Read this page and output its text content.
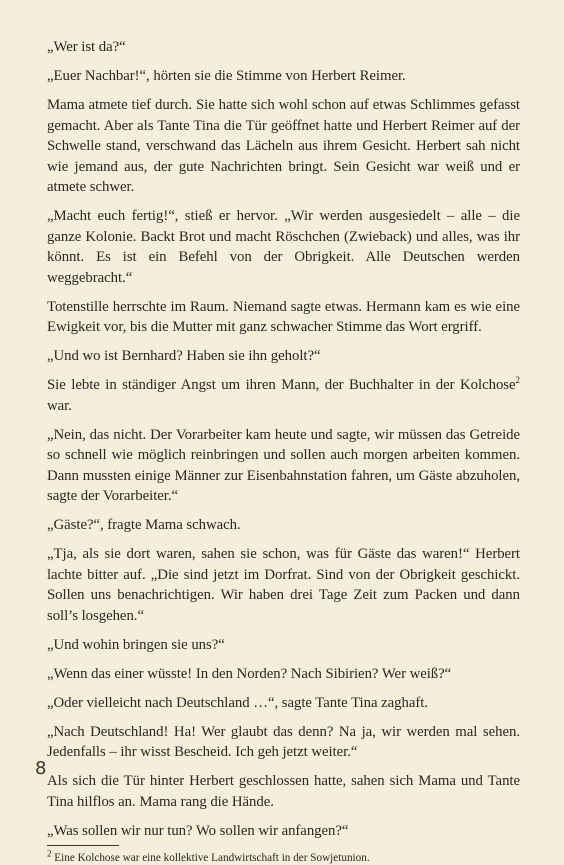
„Wer ist da?“

„Euer Nachbar!“, hörten sie die Stimme von Herbert Reimer.

Mama atmete tief durch. Sie hatte sich wohl schon auf etwas Schlimmes gefasst gemacht. Aber als Tante Tina die Tür geöffnet hatte und Herbert Reimer auf der Schwelle stand, verschwand das Lächeln aus ihrem Gesicht. Herbert sah nicht wie jemand aus, der gute Nachrichten bringt. Sein Gesicht war weiß und er atmete schwer.

„Macht euch fertig!“, stieß er hervor. „Wir werden ausgesiedelt – alle – die ganze Kolonie. Backt Brot und macht Röschchen (Zwieback) und alles, was ihr könnt. Es ist ein Befehl von der Obrigkeit. Alle Deutschen werden weggebracht.“

Totenstille herrschte im Raum. Niemand sagte etwas. Hermann kam es wie eine Ewigkeit vor, bis die Mutter mit ganz schwacher Stimme das Wort ergriff.

„Und wo ist Bernhard? Haben sie ihn geholt?“

Sie lebte in ständiger Angst um ihren Mann, der Buchhalter in der Kolchose$^2$ war.

„Nein, das nicht. Der Vorarbeiter kam heute und sagte, wir müssen das Getreide so schnell wie möglich reinbringen und sollen auch morgen arbeiten kommen. Dann mussten einige Männer zur Eisenbahnstation fahren, um Gäste abzuholen, sagte der Vorarbeiter.“

„Gäste?“, fragte Mama schwach.

„Tja, als sie dort waren, sahen sie schon, was für Gäste das waren!“ Herbert lachte bitter auf. „Die sind jetzt im Dorfrat. Sind von der Obrigkeit geschickt. Sollen uns benachrichtigen. Wir haben drei Tage Zeit zum Packen und dann soll’s losgehen.“

„Und wohin bringen sie uns?“

„Wenn das einer wüsste! In den Norden? Nach Sibirien? Wer weiß?“

„Oder vielleicht nach Deutschland …“, sagte Tante Tina zaghaft.

„Nach Deutschland! Ha! Wer glaubt das denn? Na ja, wir werden mal sehen. Jedenfalls – ihr wisst Bescheid. Ich geh jetzt weiter.“

Als sich die Tür hinter Herbert geschlossen hatte, sahen sich Mama und Tante Tina hilflos an. Mama rang die Hände.

„Was sollen wir nur tun? Wo sollen wir anfangen?“

$^2$ Eine Kolchose war eine kollektive Landwirtschaft in der Sowjetunion.

8
